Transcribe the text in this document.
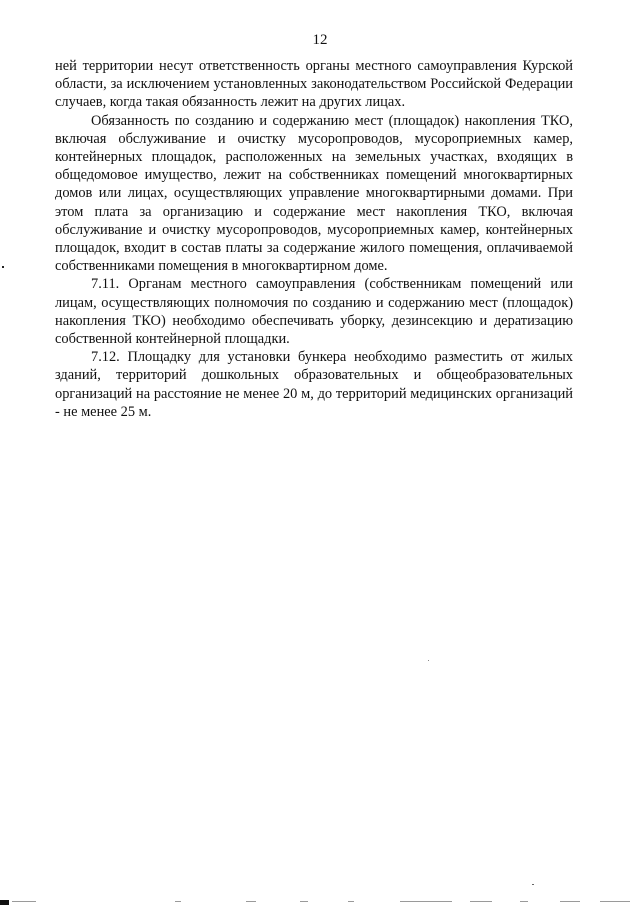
12

ней территории несут ответственность органы местного самоуправления Курской области, за исключением установленных законодательством Российской Федерации случаев, когда такая обязанность лежит на других лицах.

Обязанность по созданию и содержанию мест (площадок) накопления ТКО, включая обслуживание и очистку мусоропроводов, мусороприемных камер, контейнерных площадок, расположенных на земельных участках, входящих в общедомовое имущество, лежит на собственниках помещений многоквартирных домов или лицах, осуществляющих управление многоквартирными домами. При этом плата за организацию и содержание мест накопления ТКО, включая обслуживание и очистку мусоропроводов, мусороприемных камер, контейнерных площадок, входит в состав платы за содержание жилого помещения, оплачиваемой собственниками помещения в многоквартирном доме.

7.11. Органам местного самоуправления (собственникам помещений или лицам, осуществляющих полномочия по созданию и содержанию мест (площадок) накопления ТКО) необходимо обеспечивать уборку, дезинсекцию и дератизацию собственной контейнерной площадки.

7.12. Площадку для установки бункера необходимо разместить от жилых зданий, территорий дошкольных образовательных и общеобразовательных организаций на расстояние не менее 20 м, до территорий медицинских организаций - не менее 25 м.
